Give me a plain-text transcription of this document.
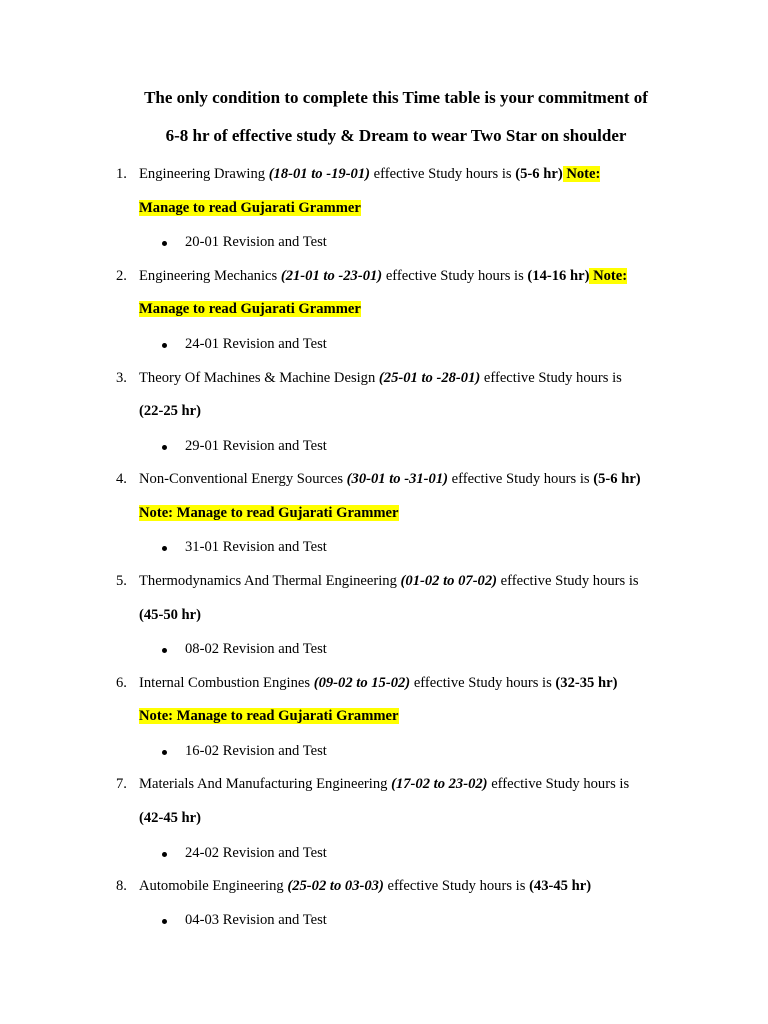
The only condition to complete this Time table is your commitment of
6-8 hr of effective study & Dream to wear Two Star on shoulder
1. Engineering Drawing (18-01 to -19-01) effective Study hours is (5-6 hr) Note:
Manage to read Gujarati Grammer
20-01 Revision and Test
2. Engineering Mechanics (21-01 to -23-01) effective Study hours is (14-16 hr) Note:
Manage to read Gujarati Grammer
24-01 Revision and Test
3. Theory Of Machines & Machine Design (25-01 to -28-01) effective Study hours is
(22-25 hr)
29-01 Revision and Test
4. Non-Conventional Energy Sources (30-01 to -31-01) effective Study hours is (5-6 hr)
Note: Manage to read Gujarati Grammer
31-01 Revision and Test
5. Thermodynamics And Thermal Engineering (01-02 to 07-02) effective Study hours is
(45-50 hr)
08-02 Revision and Test
6. Internal Combustion Engines (09-02 to 15-02) effective Study hours is (32-35 hr)
Note: Manage to read Gujarati Grammer
16-02 Revision and Test
7. Materials And Manufacturing Engineering (17-02 to 23-02) effective Study hours is
(42-45 hr)
24-02 Revision and Test
8. Automobile Engineering (25-02 to 03-03) effective Study hours is (43-45 hr)
04-03 Revision and Test
